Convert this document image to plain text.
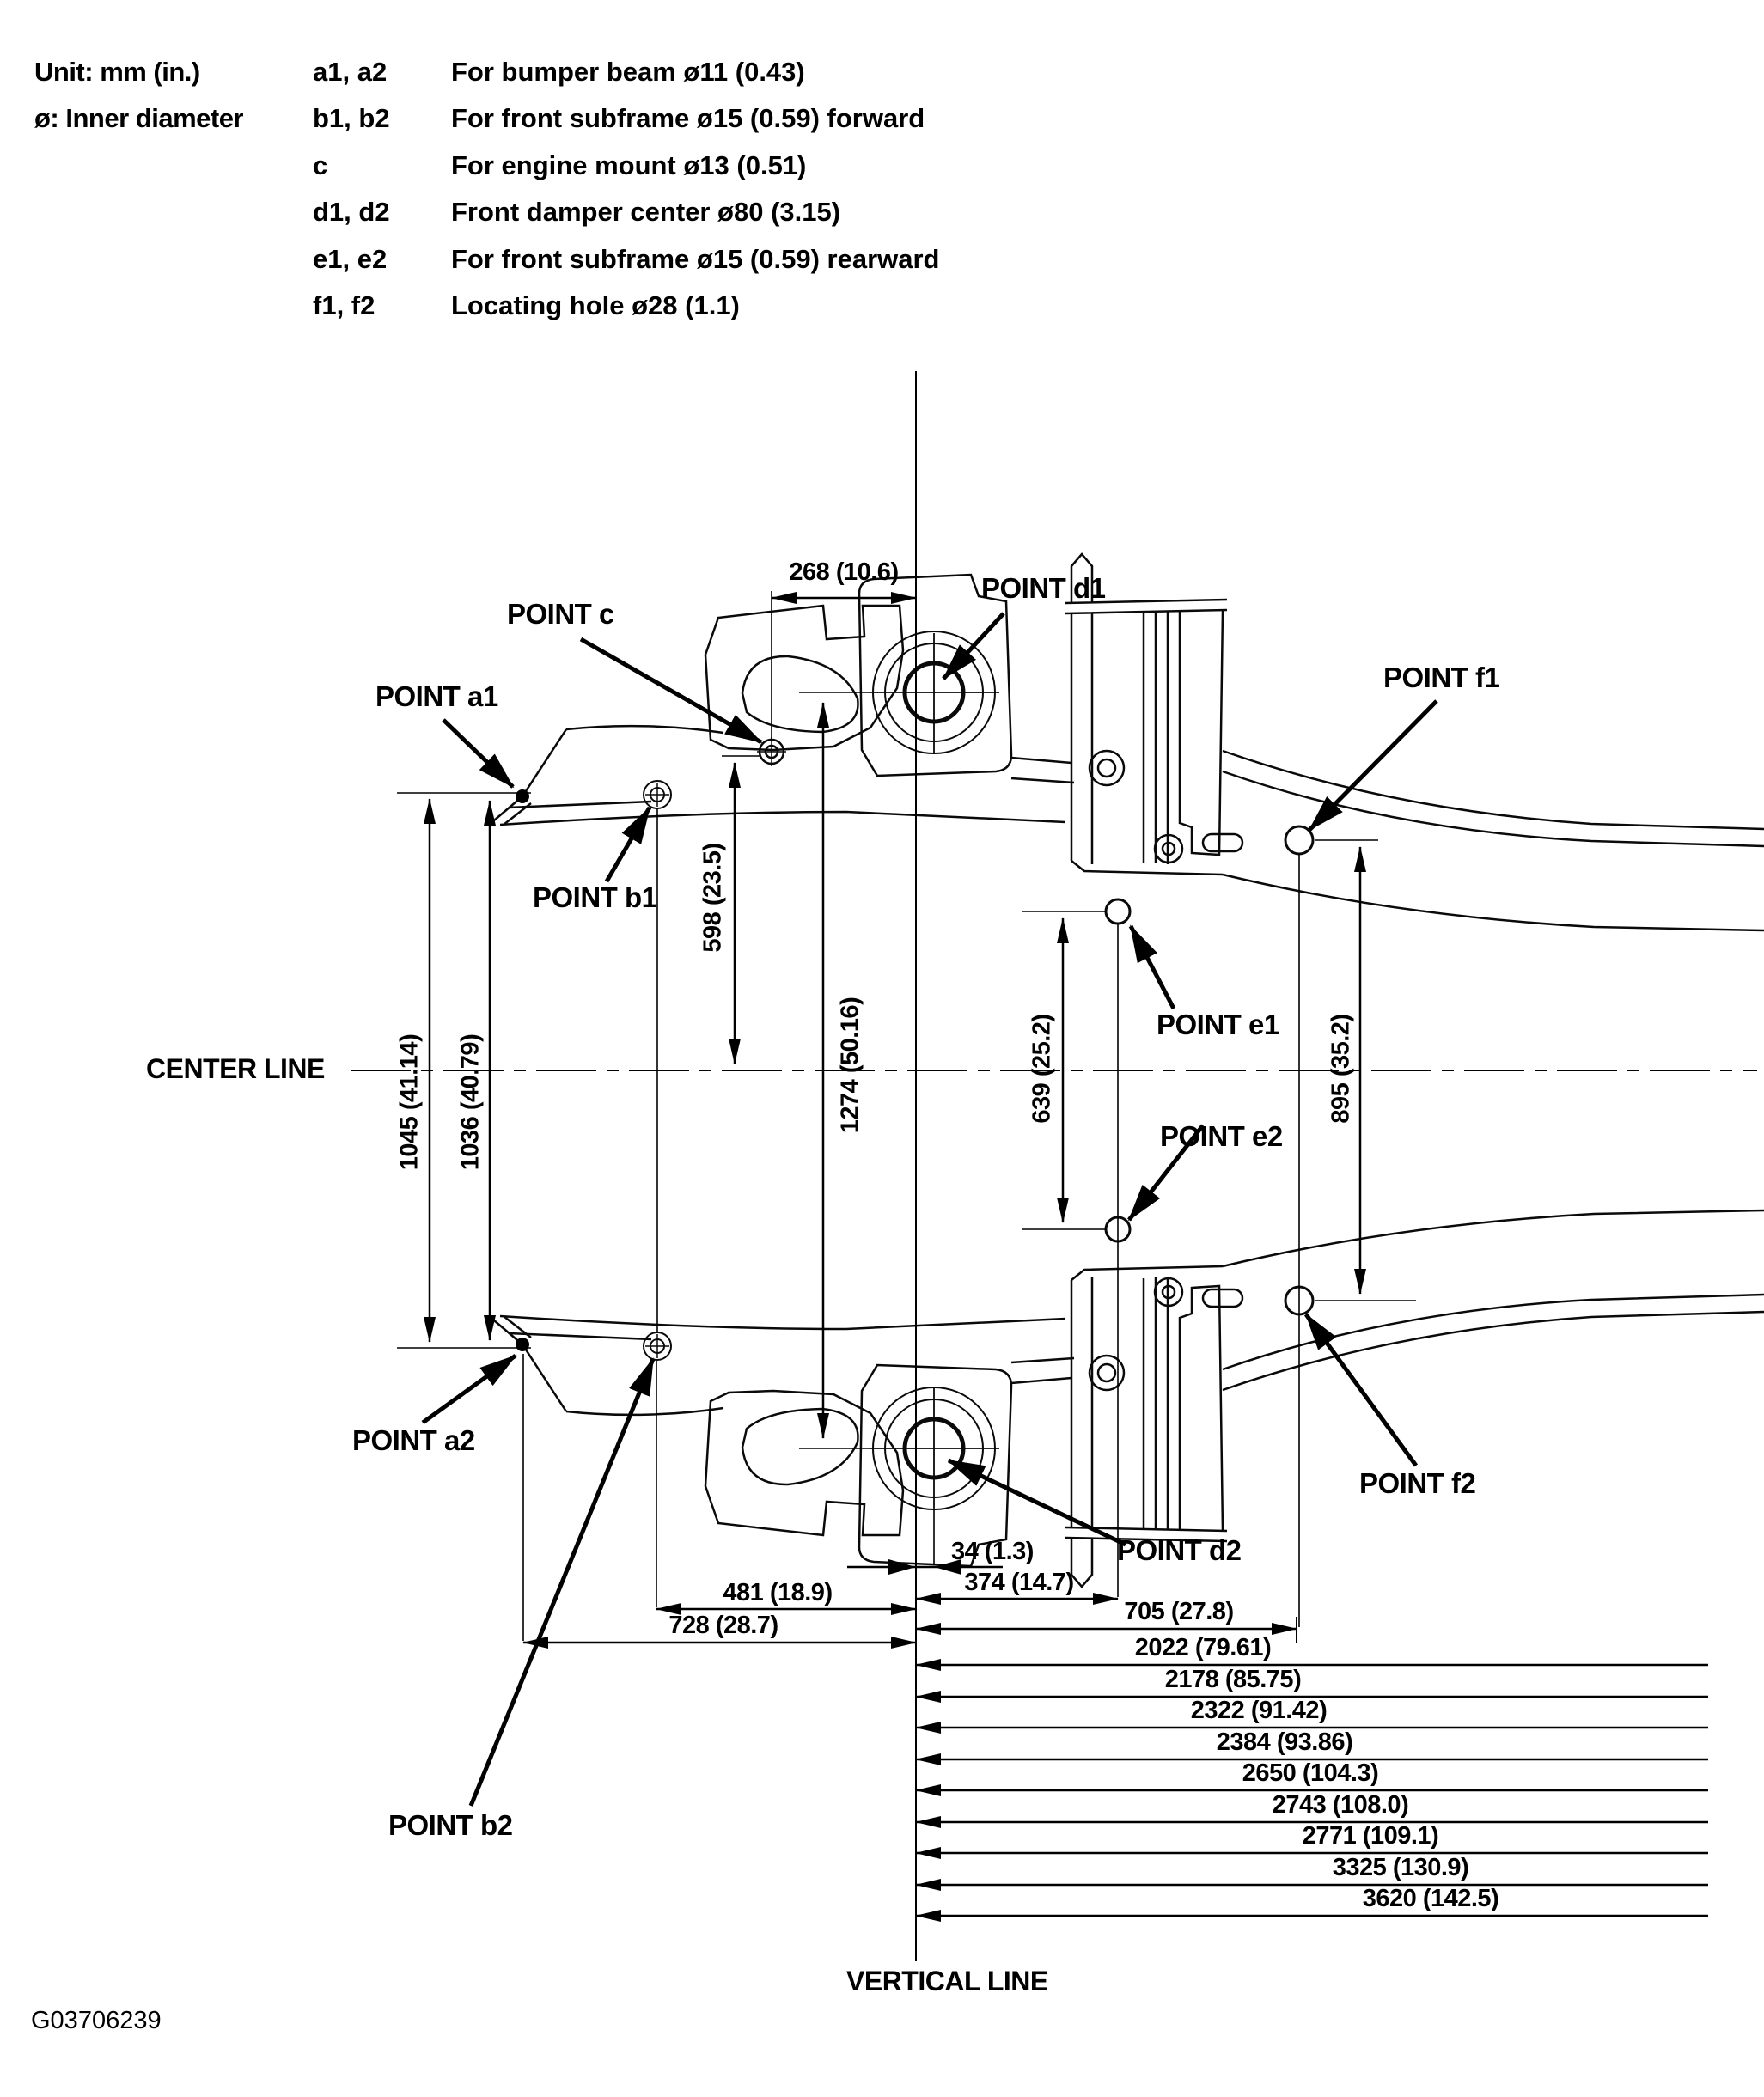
Unit: mm (in.)
ø: Inner diameter
a1, a2 For bumper beam ø11 (0.43)
b1, b2 For front subframe ø15 (0.59) forward
c	For engine mount ø13 (0.51)
d1, d2 Front damper center ø80 (3.15)
e1, e2 For front subframe ø15 (0.59) rearward
f1, f2	Locating hole ø28 (1.1)
POINT a1
POINT b1
POINT c
POINT d1
POINT f1
POINT e1
POINT e2
POINT a2
POINT b2
POINT d2
POINT f2
CENTER LINE
VERTICAL LINE
268 (10.6)
1045 (41.14) 1036 (40.79)
598 (23.5)
1274 (50.16)	639 (25.2)	895 (35.2)
34 (1.3)
374 (14.7)
481 (18.9)
705 (27.8)
728 (28.7)
2022 (79.61)
2178 (85.75)
2322 (91.42)
2384 (93.86)
2650 (104.3)
2743 (108.0)
2771 (109.1)
3325 (130.9)
3620 (142.5)
G03706239
